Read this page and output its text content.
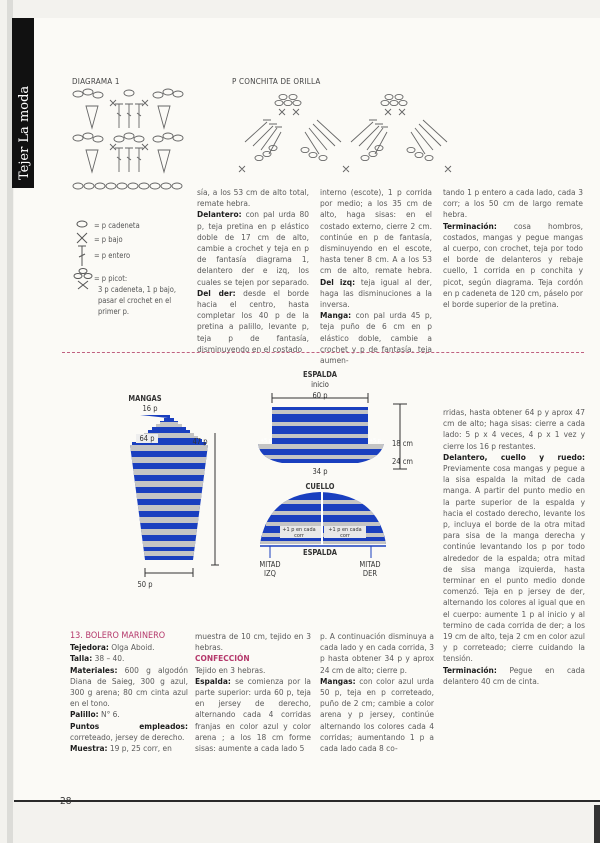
Tejer La moda
DIAGRAMA 1	P CONCHITA DE ORILLA
= p cadeneta
= p bajo
= p entero
= p picot:
3 p cadeneta, 1 p bajo, pasar el crochet en el primer p.

sía, a los 53 cm de alto total, remate hebra.

Delantero: con pal urda 80 p, teja pretina en p elástico doble de 17 cm de alto, cambie a crochet y teja en p de fantasía diagrama 1, delantero der e izq, los cuales se tejen por separado. Del der: desde el borde hacia el centro, hasta completar los 40 p de la pretina a palillo, levante p, teja p de fantasía, disminuyendo en el costado

interno (escote), 1 p corrida por medio; a los 35 cm de alto, haga sisas: en el costado externo, cierre 2 cm. continúe en p de fantasía, disminuyendo en el escote, hasta tener 8 cm. A a los 53 cm de alto, remate hebra. Del izq: teja igual al der, haga las disminuciones a la inversa.

Manga: con pal urda 45 p, teja puño de 6 cm en p elástico doble, cambie a crochet y p de fantasía, teja aumen-

tando 1 p entero a cada lado, cada 3 corr; a los 50 cm de largo remate hebra.

Terminación: cosa hombros, costados, mangas y pegue mangas al cuerpo, con crochet, teja por todo el borde de delanteros y rebaje cuello, 1 corrida en p conchita y picot, según diagrama. Teja cordón en p cadeneta de 120 cm, páselo por el borde superior de la pretina.

MANGAS
16 p
64 p	47 p
50 p
ESPALDA
inicio
60 p
+5 p	+5 p 18 cm
24 cm
34 p
CUELLO
+1 p en cada corr
+1 p en cada corr
ESPALDA
MITAD IZQ
MITAD DER

rridas, hasta obtener 64 p y aprox 47 cm de alto; haga sisas: cierre a cada lado: 5 p x 4 veces, 4 p x 1 vez y cierre los 16 p restantes.

Delantero, cuello y ruedo: Previamente cosa mangas y pegue a la sisa espalda la mitad de cada manga. A partir del punto medio en la parte superior de la espalda y hacia el costado derecho, levante los p, incluya el borde de la otra mitad para sisa de la manga derecha y continúe levantando los p por todo alrededor de la espalda; otra mitad de sisa manga izquierda, hasta terminar en el punto medio donde comenzó. Teja en p jersey de der, alternando los colores al igual que en el cuerpo: aumente 1 p al inicio y al termino de cada corrida de der; a los 19 cm de alto, teja 2 cm en color azul y p correteado; cierre cuidando la tensión.

Terminación: Pegue en cada delantero 40 cm de cinta.

13. BOLERO MARINERO

Tejedora: Olga Aboid.

Talla: 38 – 40.

Materiales: 600 g algodón Diana de Saieg, 300 g azul, 300 g arena; 80 cm cinta azul en el tono.

Palillo: N° 6.

Puntos empleados: correteado, jersey de derecho.

Muestra: 19 p, 25 corr, en

muestra de 10 cm, tejido en 3 hebras.

CONFECCIÓN

Tejido en 3 hebras.

Espalda: se comienza por la parte superior: urda 60 p, teja en jersey de derecho, alternando cada 4 corridas franjas en color azul y color arena ; a los 18 cm forme sisas: aumente a cada lado 5

p. A continuación disminuya a cada lado y en cada corrida, 3 p hasta obtener 34 p y aprox 24 cm de alto; cierre p.

Mangas: con color azul urda 50 p, teja en p correteado, puño de 2 cm; cambie a color arena y p jersey, continúe alternando los colores cada 4 corridas; aumentando 1 p a cada lado cada 8 co-

28
